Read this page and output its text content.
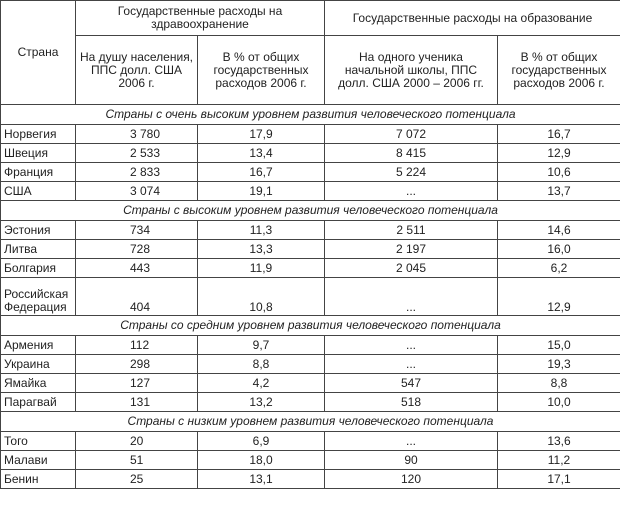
Страна	Государственные расходы на здравоохранение		Государственные расходы на образование	
	На душу населения, ППС долл. США 2006 г.	В % от общих государственных расходов 2006 г.	На одного ученика начальной школы, ППС долл. США 2000 – 2006 гг.	В % от общих государственных расходов 2006 г.
Страны с очень высоким уровнем развития человеческого потенциала				
Норвегия	3 780	17,9	7 072	16,7
Швеция	2 533	13,4	8 415	12,9
Франция	2 833	16,7	5 224	10,6
США	3 074	19,1	...	13,7
Страны с высоким уровнем развития человеческого потенциала				
Эстония	734	11,3	2 511	14,6
Литва	728	13,3	2 197	16,0
Болгария	443	11,9	2 045	6,2
Российская Федерация	404	10,8	...	12,9
Страны со средним уровнем развития человеческого потенциала				
Армения	112	9,7	...	15,0
Украина	298	8,8	...	19,3
Ямайка	127	4,2	547	8,8
Парагвай	131	13,2	518	10,0
Страны с низким уровнем развития человеческого потенциала				
Того	20	6,9	...	13,6
Малави	51	18,0	90	11,2
Бенин	25	13,1	120	17,1
